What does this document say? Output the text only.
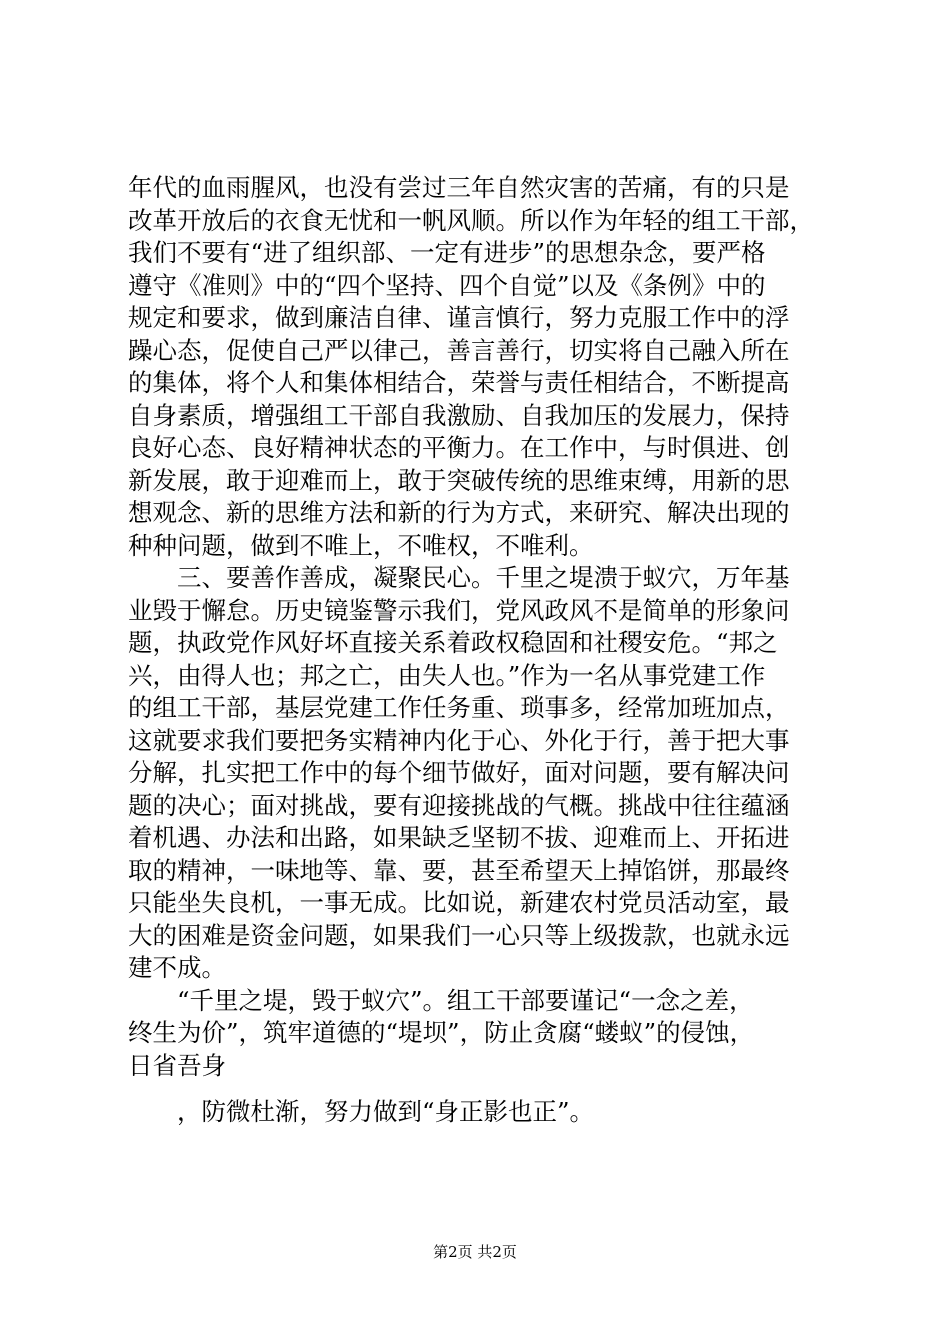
年代的血雨腥风，也没有尝过三年自然灾害的苦痛，有的只是
改革开放后的衣食无忧和一帆风顺。所以作为年轻的组工干部，
我们不要有“进了组织部、一定有进步”的思想杂念，要严格
遵守《准则》中的“四个坚持、四个自觉”以及《条例》中的
规定和要求，做到廉洁自律、谨言慎行，努力克服工作中的浮
躁心态，促使自己严以律己，善言善行，切实将自己融入所在
的集体，将个人和集体相结合，荣誉与责任相结合，不断提高
自身素质，增强组工干部自我激励、自我加压的发展力，保持
良好心态、良好精神状态的平衡力。在工作中，与时俱进、创
新发展，敢于迎难而上，敢于突破传统的思维束缚，用新的思
想观念、新的思维方法和新的行为方式，来研究、解决出现的
种种问题，做到不唯上，不唯权，不唯利。
　　三、要善作善成，凝聚民心。千里之堤溃于蚁穴，万年基
业毁于懈怠。历史镜鉴警示我们，党风政风不是简单的形象问
题，执政党作风好坏直接关系着政权稳固和社稷安危。“邦之
兴，由得人也；邦之亡，由失人也。”作为一名从事党建工作
的组工干部，基层党建工作任务重、琐事多，经常加班加点，
这就要求我们要把务实精神内化于心、外化于行，善于把大事
分解，扎实把工作中的每个细节做好，面对问题，要有解决问
题的决心；面对挑战，要有迎接挑战的气概。挑战中往往蕴涵
着机遇、办法和出路，如果缺乏坚韧不拔、迎难而上、开拓进
取的精神，一味地等、靠、要，甚至希望天上掉馅饼，那最终
只能坐失良机，一事无成。比如说，新建农村党员活动室，最
大的困难是资金问题，如果我们一心只等上级拨款，也就永远
建不成。
　　“千里之堤，毁于蚁穴”。组工干部要谨记“一念之差，
终生为价”，筑牢道德的“堤坝”，防止贪腐“蝼蚁”的侵蚀，
日省吾身
　　，防微杜渐，努力做到“身正影也正”。
第2页 共2页
